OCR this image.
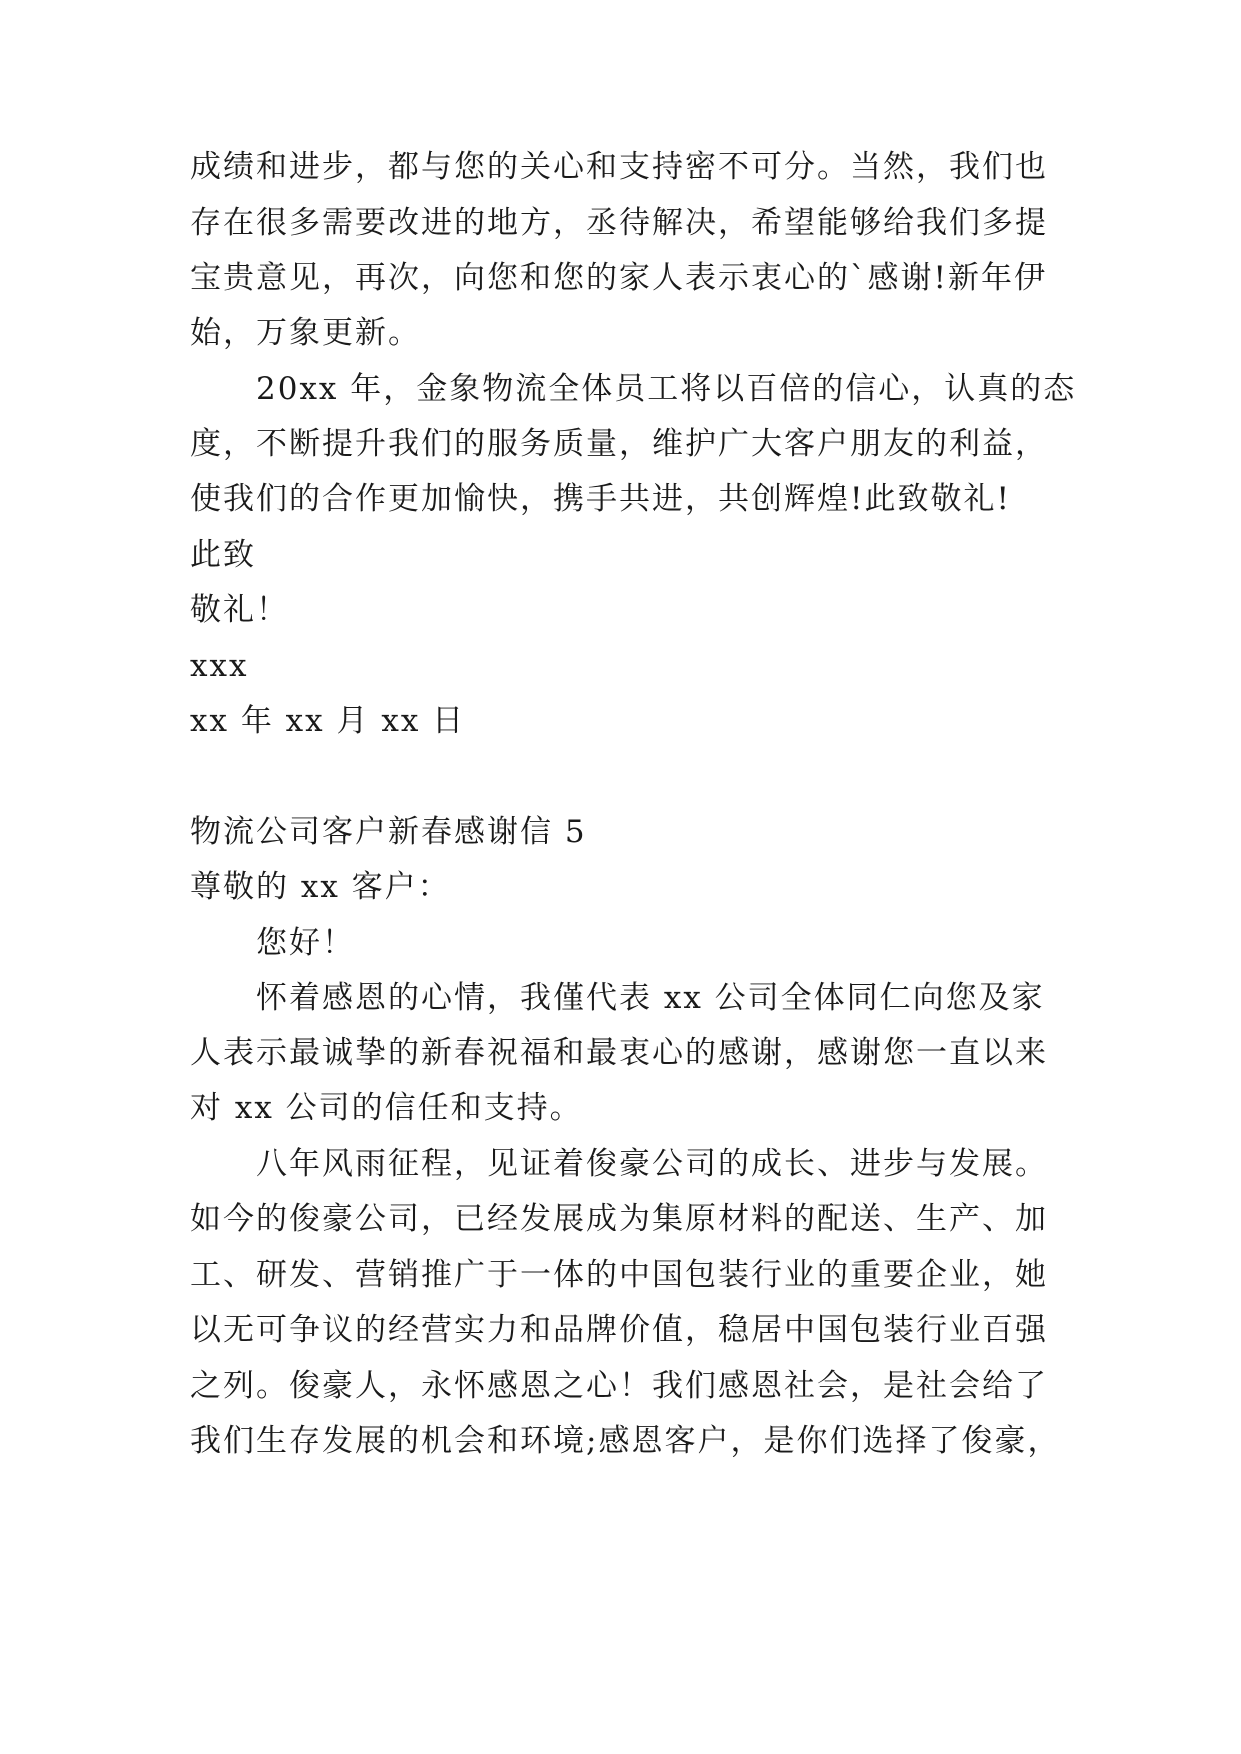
成绩和进步，都与您的关心和支持密不可分。当然，我们也
存在很多需要改进的地方，丞待解决，希望能够给我们多提
宝贵意见，再次，向您和您的家人表示衷心的`感谢!新年伊
始，万象更新。
20xx 年，金象物流全体员工将以百倍的信心，认真的态
度，不断提升我们的服务质量，维护广大客户朋友的利益，
使我们的合作更加愉快，携手共进，共创辉煌!此致敬礼!
此致
敬礼！
xxx
xx 年 xx 月 xx 日
物流公司客户新春感谢信 5
尊敬的 xx 客户：
您好！
怀着感恩的心情，我僅代表 xx 公司全体同仁向您及家
人表示最诚挚的新春祝福和最衷心的感谢，感谢您一直以来
对 xx 公司的信任和支持。
八年风雨征程，见证着俊豪公司的成长、进步与发展。
如今的俊豪公司，已经发展成为集原材料的配送、生产、加
工、研发、营销推广于一体的中国包装行业的重要企业，她
以无可争议的经营实力和品牌价值，稳居中国包装行业百强
之列。俊豪人，永怀感恩之心！我们感恩社会，是社会给了
我们生存发展的机会和环境;感恩客户，是你们选择了俊豪，
